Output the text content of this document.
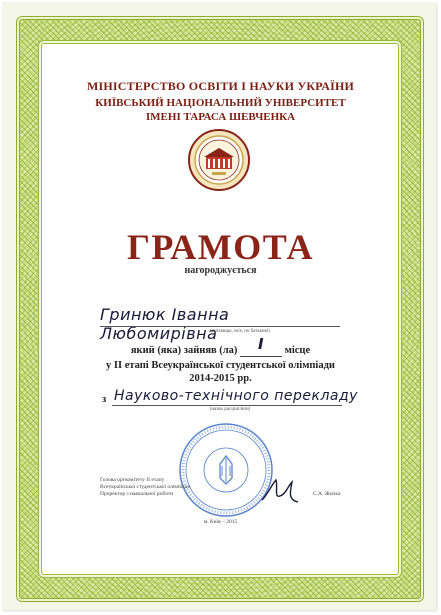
МІНІСТЕРСТВО ОСВІТИ І НАУКИ УКРАЇНИ

КИЇВСЬКИЙ НАЦІОНАЛЬНИЙ УНІВЕРСИТЕТ

ІМЕНІ ТАРАСА ШЕВЧЕНКА

ГРАМОТА

нагороджується

Гринюк Іванна Любомирівна
(прізвище, ім'я, по батькові)

який (яка) зайняв (ла)	І	місце

у ІІ етапі Всеукраїнської студентської олімпіади

2014-2015 рр.

з Науково-технічного перекладу
(назва дисципліни)
Голова оргкомітету ІІ етапу
Всеукраїнської студентської олімпіади
Проректор з навчальної роботи	С.А. Жилка

м. Київ – 2015
